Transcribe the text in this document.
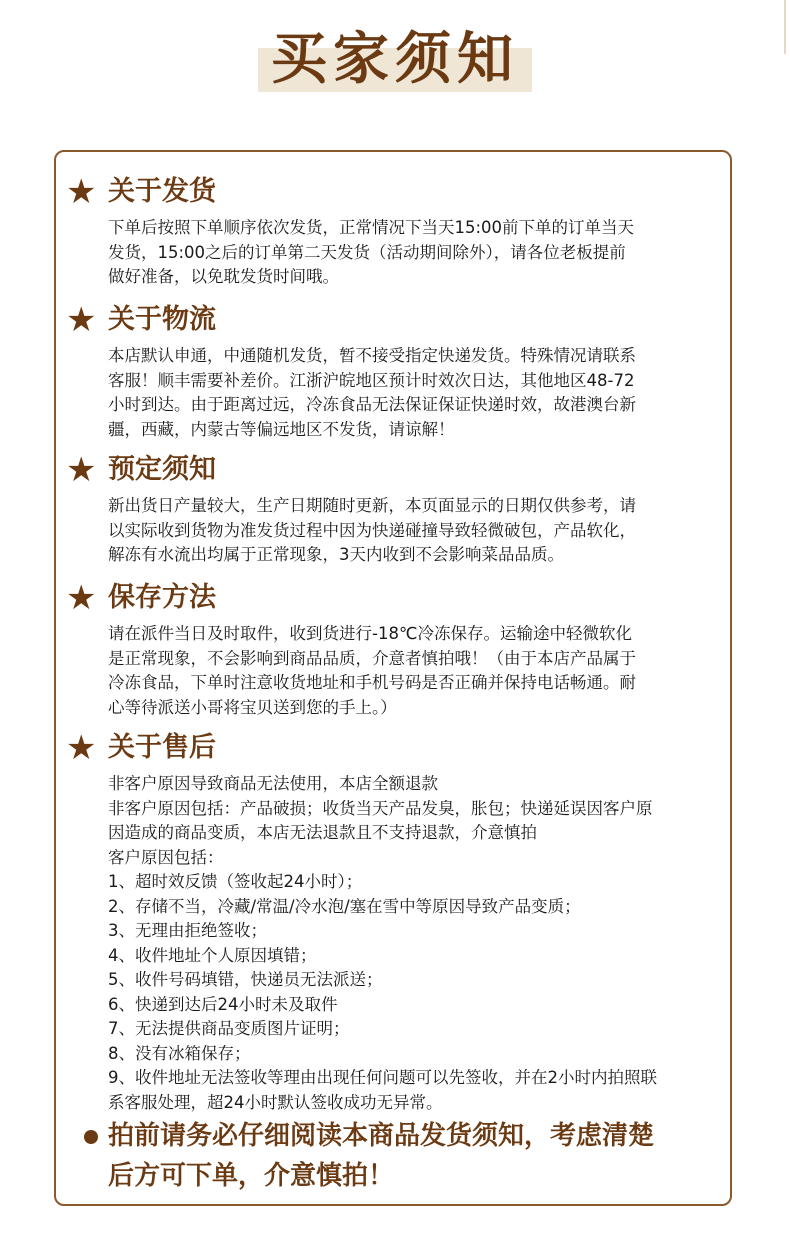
买家须知
★ 关于发货

下单后按照下单顺序依次发货，正常情况下当天15:00前下单的订单当天

发货，15:00之后的订单第二天发货（活动期间除外），请各位老板提前

做好准备，以免耽发货时间哦。

★ 关于物流

本店默认申通，中通随机发货，暂不接受指定快递发货。特殊情况请联系

客服！顺丰需要补差价。江浙沪皖地区预计时效次日达，其他地区48-72

小时到达。由于距离过远，冷冻食品无法保证保证快递时效，故港澳台新

疆，西藏，内蒙古等偏远地区不发货，请谅解！

★ 预定须知

新出货日产量较大，生产日期随时更新，本页面显示的日期仅供参考，请

以实际收到货物为准发货过程中因为快递碰撞导致轻微破包，产品软化，

解冻有水流出均属于正常现象，3天内收到不会影响菜品品质。

★ 保存方法

请在派件当日及时取件，收到货进行-18℃冷冻保存。运输途中轻微软化

是正常现象，不会影响到商品品质，介意者慎拍哦！（由于本店产品属于

冷冻食品，下单时注意收货地址和手机号码是否正确并保持电话畅通。耐

心等待派送小哥将宝贝送到您的手上。）

★ 关于售后

非客户原因导致商品无法使用，本店全额退款

非客户原因包括：产品破损；收货当天产品发臭，胀包；快递延误因客户原

因造成的商品变质，本店无法退款且不支持退款，介意慎拍

客户原因包括：

1、超时效反馈（签收起24小时）；

2、存储不当，冷藏/常温/冷水泡/塞在雪中等原因导致产品变质；

3、无理由拒绝签收；

4、收件地址个人原因填错；

5、收件号码填错，快递员无法派送；

6、快递到达后24小时未及取件

7、无法提供商品变质图片证明；

8、没有冰箱保存；

9、收件地址无法签收等理由出现任何问题可以先签收，并在2小时内拍照联

系客服处理，超24小时默认签收成功无异常。

拍前请务必仔细阅读本商品发货须知，考虑清楚
后方可下单，介意慎拍！
